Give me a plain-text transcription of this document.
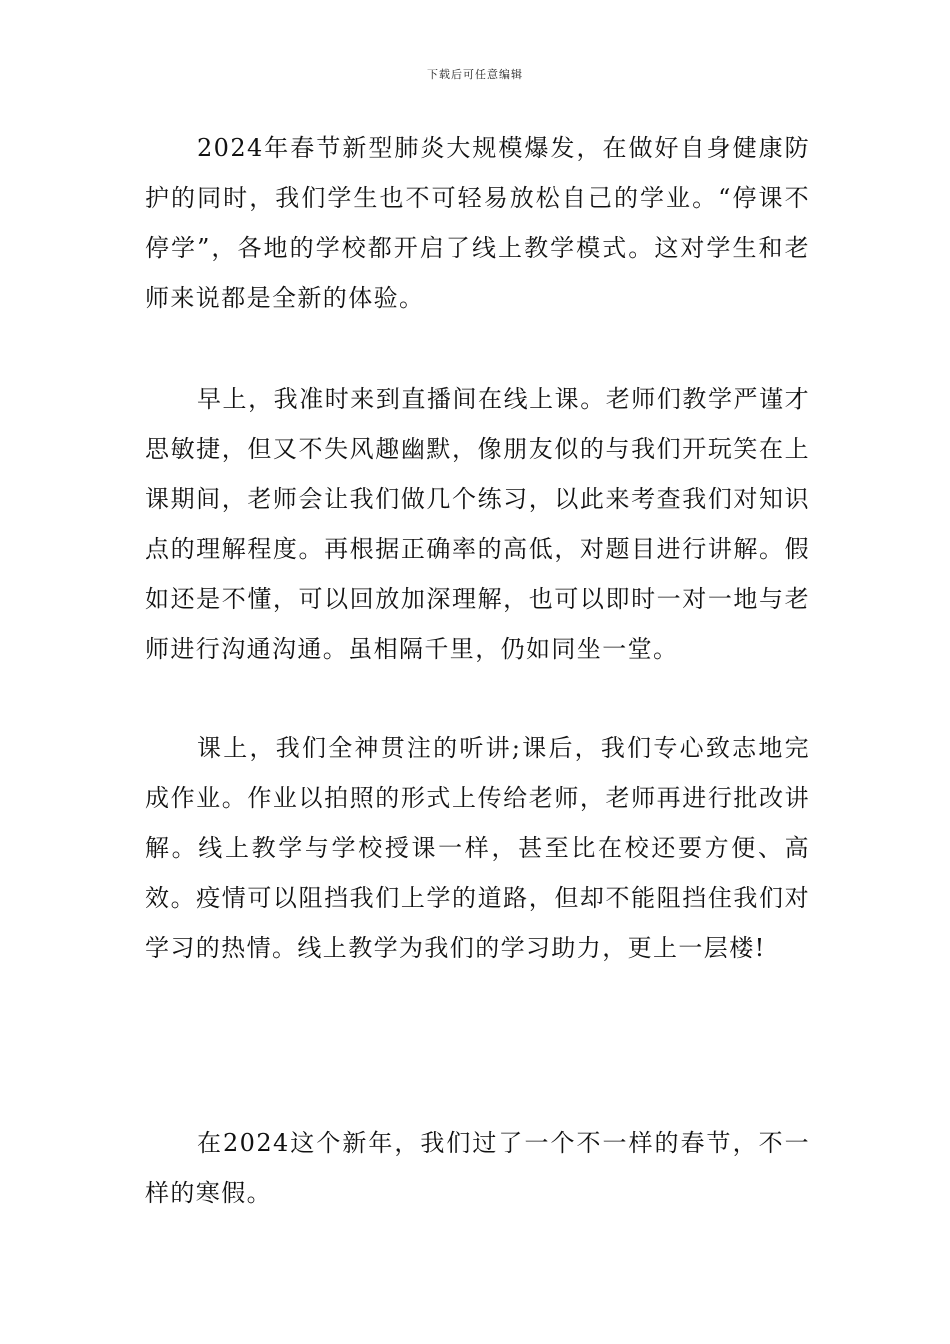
下载后可任意编辑

2024年春节新型肺炎大规模爆发，在做好自身健康防护的同时，我们学生也不可轻易放松自己的学业。“停课不停学”，各地的学校都开启了线上教学模式。这对学生和老师来说都是全新的体验。

早上，我准时来到直播间在线上课。老师们教学严谨才思敏捷，但又不失风趣幽默，像朋友似的与我们开玩笑在上课期间，老师会让我们做几个练习，以此来考查我们对知识点的理解程度。再根据正确率的高低，对题目进行讲解。假如还是不懂，可以回放加深理解，也可以即时一对一地与老师进行沟通沟通。虽相隔千里，仍如同坐一堂。

课上，我们全神贯注的听讲;课后，我们专心致志地完成作业。作业以拍照的形式上传给老师，老师再进行批改讲解。线上教学与学校授课一样，甚至比在校还要方便、高效。疫情可以阻挡我们上学的道路，但却不能阻挡住我们对学习的热情。线上教学为我们的学习助力，更上一层楼!

在2024这个新年，我们过了一个不一样的春节，不一样的寒假。
